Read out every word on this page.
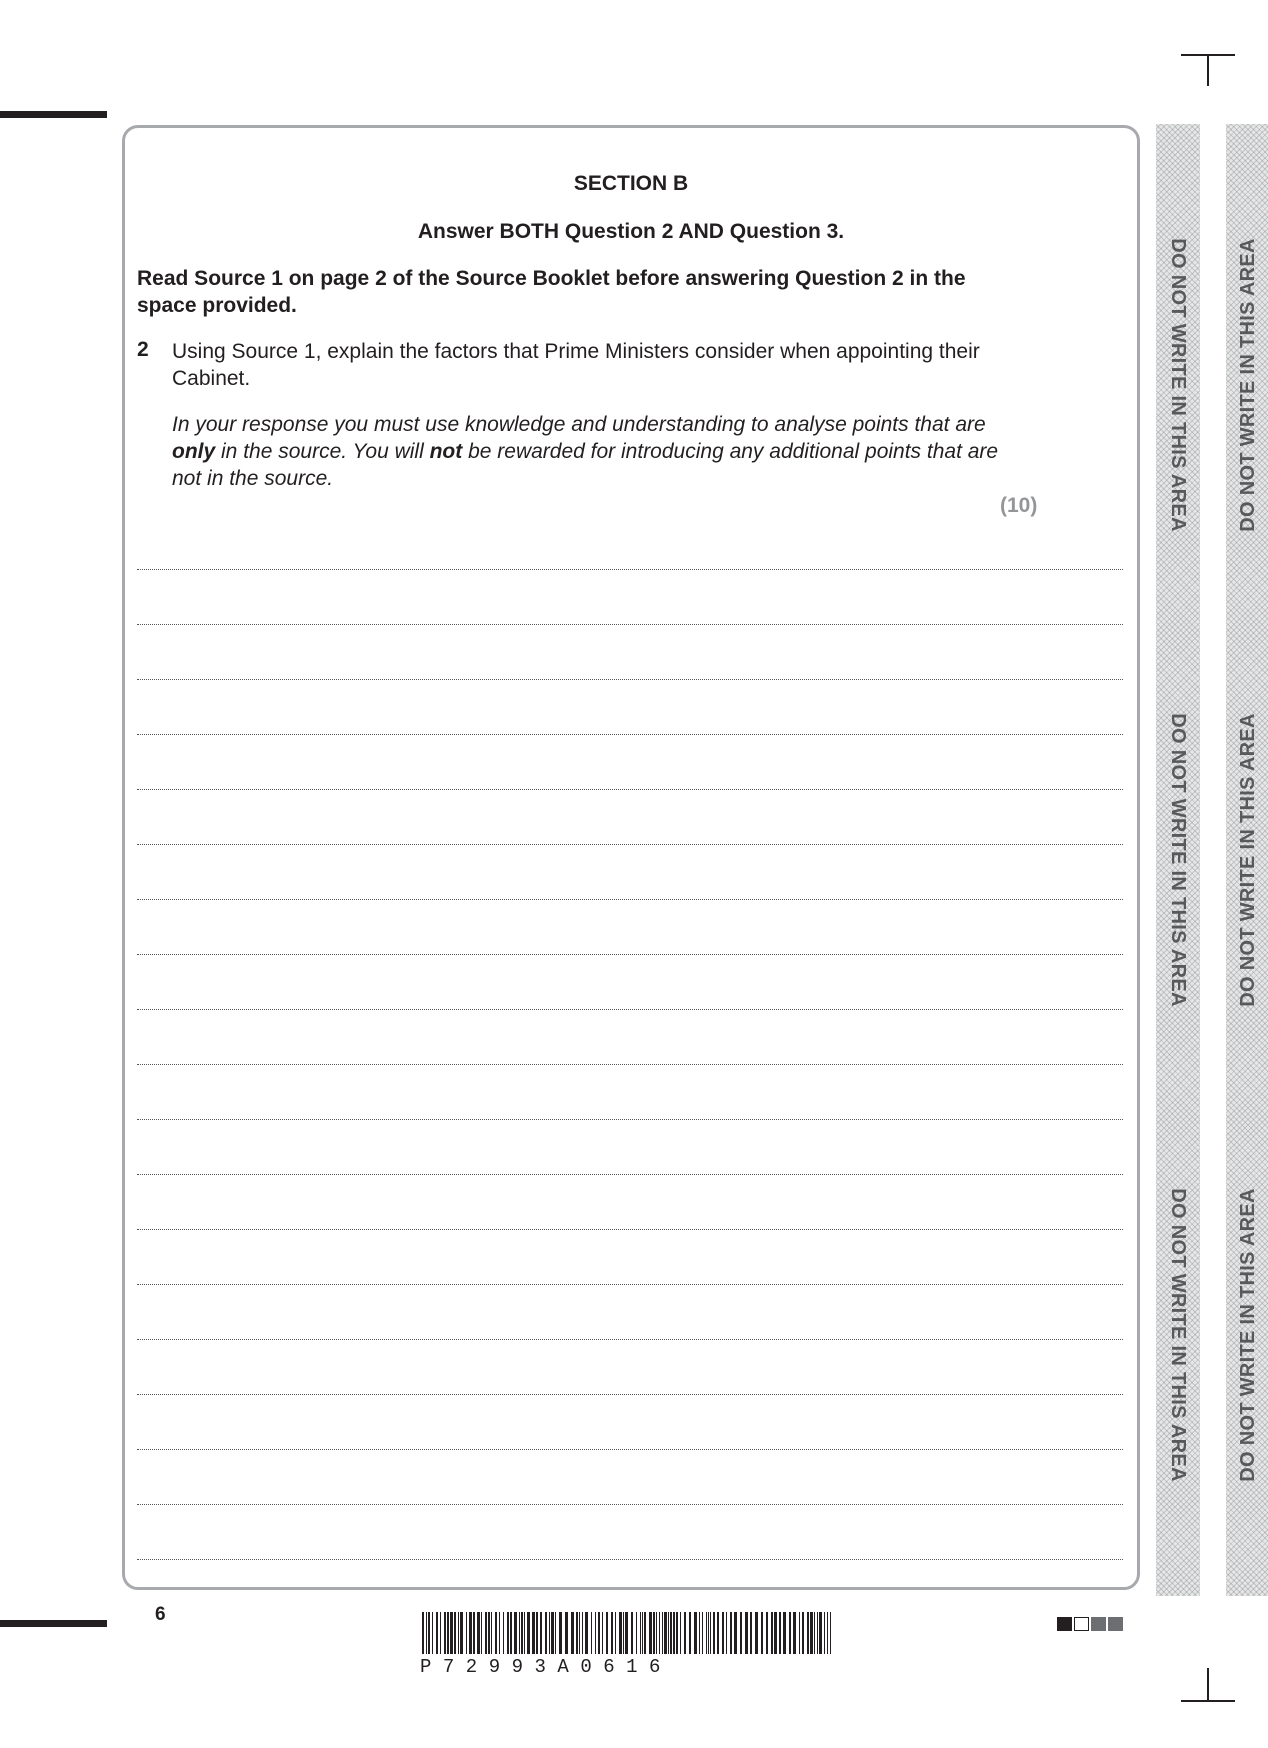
DO NOT WRITE IN THIS AREA
DO NOT WRITE IN THIS AREA
DO NOT WRITE IN THIS AREA
DO NOT WRITE IN THIS AREA
DO NOT WRITE IN THIS AREA
DO NOT WRITE IN THIS AREA
SECTION B
Answer BOTH Question 2 AND Question 3.
Read Source 1 on page 2 of the Source Booklet before answering Question 2 in the space provided.
2 Using Source 1, explain the factors that Prime Ministers consider when appointing their Cabinet.
In your response you must use knowledge and understanding to analyse points that are only in the source. You will not be rewarded for introducing any additional points that are not in the source.
(10)
6
P72993A0616
